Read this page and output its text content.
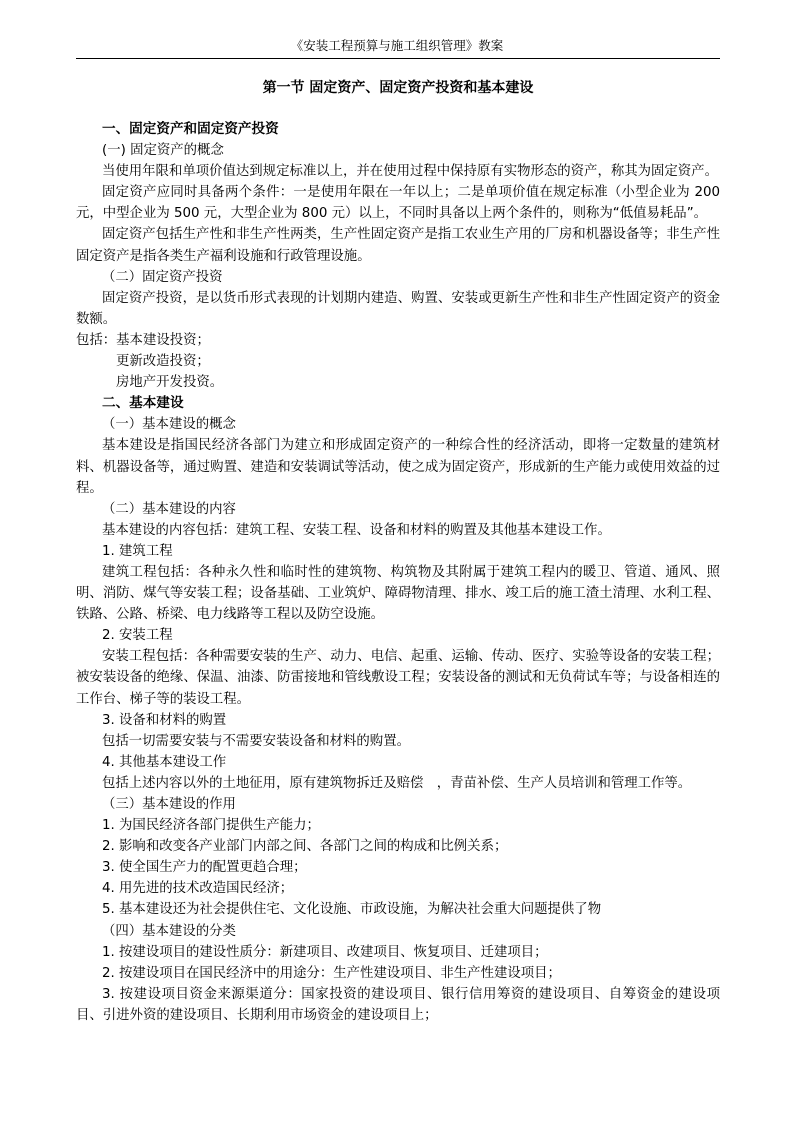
《安装工程预算与施工组织管理》教案
第一节 固定资产、固定资产投资和基本建设

一、固定资产和固定资产投资

(一) 固定资产的概念

当使用年限和单项价值达到规定标准以上，并在使用过程中保持原有实物形态的资产，称其为固定资产。

固定资产应同时具备两个条件：一是使用年限在一年以上；二是单项价值在规定标准（小型企业为 200 元，中型企业为 500 元，大型企业为 800 元）以上，不同时具备以上两个条件的，则称为“低值易耗品”。

固定资产包括生产性和非生产性两类，生产性固定资产是指工农业生产用的厂房和机器设备等；非生产性固定资产是指各类生产福利设施和行政管理设施。

（二）固定资产投资

固定资产投资，是以货币形式表现的计划期内建造、购置、安装或更新生产性和非生产性固定资产的资金数额。

包括：基本建设投资；

更新改造投资；

房地产开发投资。

二、基本建设

（一）基本建设的概念

基本建设是指国民经济各部门为建立和形成固定资产的一种综合性的经济活动，即将一定数量的建筑材料、机器设备等，通过购置、建造和安装调试等活动，使之成为固定资产，形成新的生产能力或使用效益的过程。

（二）基本建设的内容

基本建设的内容包括：建筑工程、安装工程、设备和材料的购置及其他基本建设工作。

1. 建筑工程

建筑工程包括：各种永久性和临时性的建筑物、构筑物及其附属于建筑工程内的暖卫、管道、通风、照明、消防、煤气等安装工程；设备基础、工业筑炉、障碍物清理、排水、竣工后的施工渣土清理、水利工程、铁路、公路、桥梁、电力线路等工程以及防空设施。

2. 安装工程

安装工程包括：各种需要安装的生产、动力、电信、起重、运输、传动、医疗、实验等设备的安装工程；被安装设备的绝缘、保温、油漆、防雷接地和管线敷设工程；安装设备的测试和无负荷试车等；与设备相连的工作台、梯子等的装设工程。

3. 设备和材料的购置

包括一切需要安装与不需要安装设备和材料的购置。

4. 其他基本建设工作

包括上述内容以外的土地征用，原有建筑物拆迁及赔偿　，青苗补偿、生产人员培训和管理工作等。

（三）基本建设的作用

1. 为国民经济各部门提供生产能力；

2. 影响和改变各产业部门内部之间、各部门之间的构成和比例关系；

3. 使全国生产力的配置更趋合理；

4. 用先进的技术改造国民经济；

5. 基本建设还为社会提供住宅、文化设施、市政设施，为解决社会重大问题提供了物

（四）基本建设的分类

1. 按建设项目的建设性质分：新建项目、改建项目、恢复项目、迁建项目；

2. 按建设项目在国民经济中的用途分：生产性建设项目、非生产性建设项目；

3. 按建设项目资金来源渠道分：国家投资的建设项目、银行信用筹资的建设项目、自筹资金的建设项目、引进外资的建设项目、长期利用市场资金的建设项目上；
